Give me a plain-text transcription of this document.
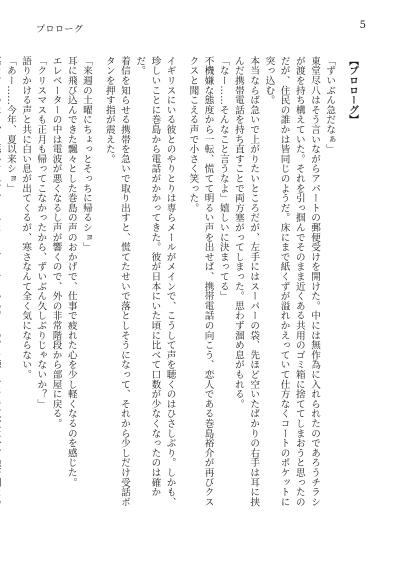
プロローグ	5

【プロローグ】

「ずいぶん急だなぁ」

東堂尽八はそう言いながらアパートの郵便受けを開けた。中には無作為に入れられたのであろうチラシが渡を持ち構えていた。それを引っ掴んでそのまま近くある共用のゴミ箱に捨ててしまおうと思ったのだが、住民の誰かは皆同じのようだ。床にまで紙くずが溢れかえっていて仕方なくコートのポケットに突っ込む。

本当ならば急いで上がりたいところだが、左手にはスーパーの袋、先ほど空いたばかりの右手は耳に挟んだ携帯電話を持ち直すことで両方塞がってしまった。思わず溜め息がもれる。

「なー……そんなこと言うなよ」嬉しいに決まってる」

不機嫌な態度から一転、慌てて明るい声を出せば、携帯電話の向こう、恋人である巻島裕介が再びクスクスと聞こえる声で小さく笑った。

イギリスにいる彼とのやりとりは専らメールがメインで、こうして声を聴くのはひさしぶり。しかも、珍しいことに巻島から電話がかかってきた。彼が日本にいた頃に比べて口数が少なくなったのは確かだ。

着信を知らせる携帯を急いで取り出すと、慌てたせいで落としそうになって、それから少しだけ受話ボタンを押す指が震えた。

「来週の土曜にちょっとそっちに帰るショ」

耳に飛び込んできた飄々とした巻島の声のおかげで、仕事で疲れた心を少し軽くなるのを感じた。

エレベーターの中は電波が悪くなるし声が響くので、外の非常階段から部屋に戻る。

「クリスマスも正月も帰ってこなかったから、ずいぶん久しぶりじゃないか？」

語りかける声と共に白い息が出てくるが、寒さなんて全く気にならない。

「あー……今年、夏以来ショ」
